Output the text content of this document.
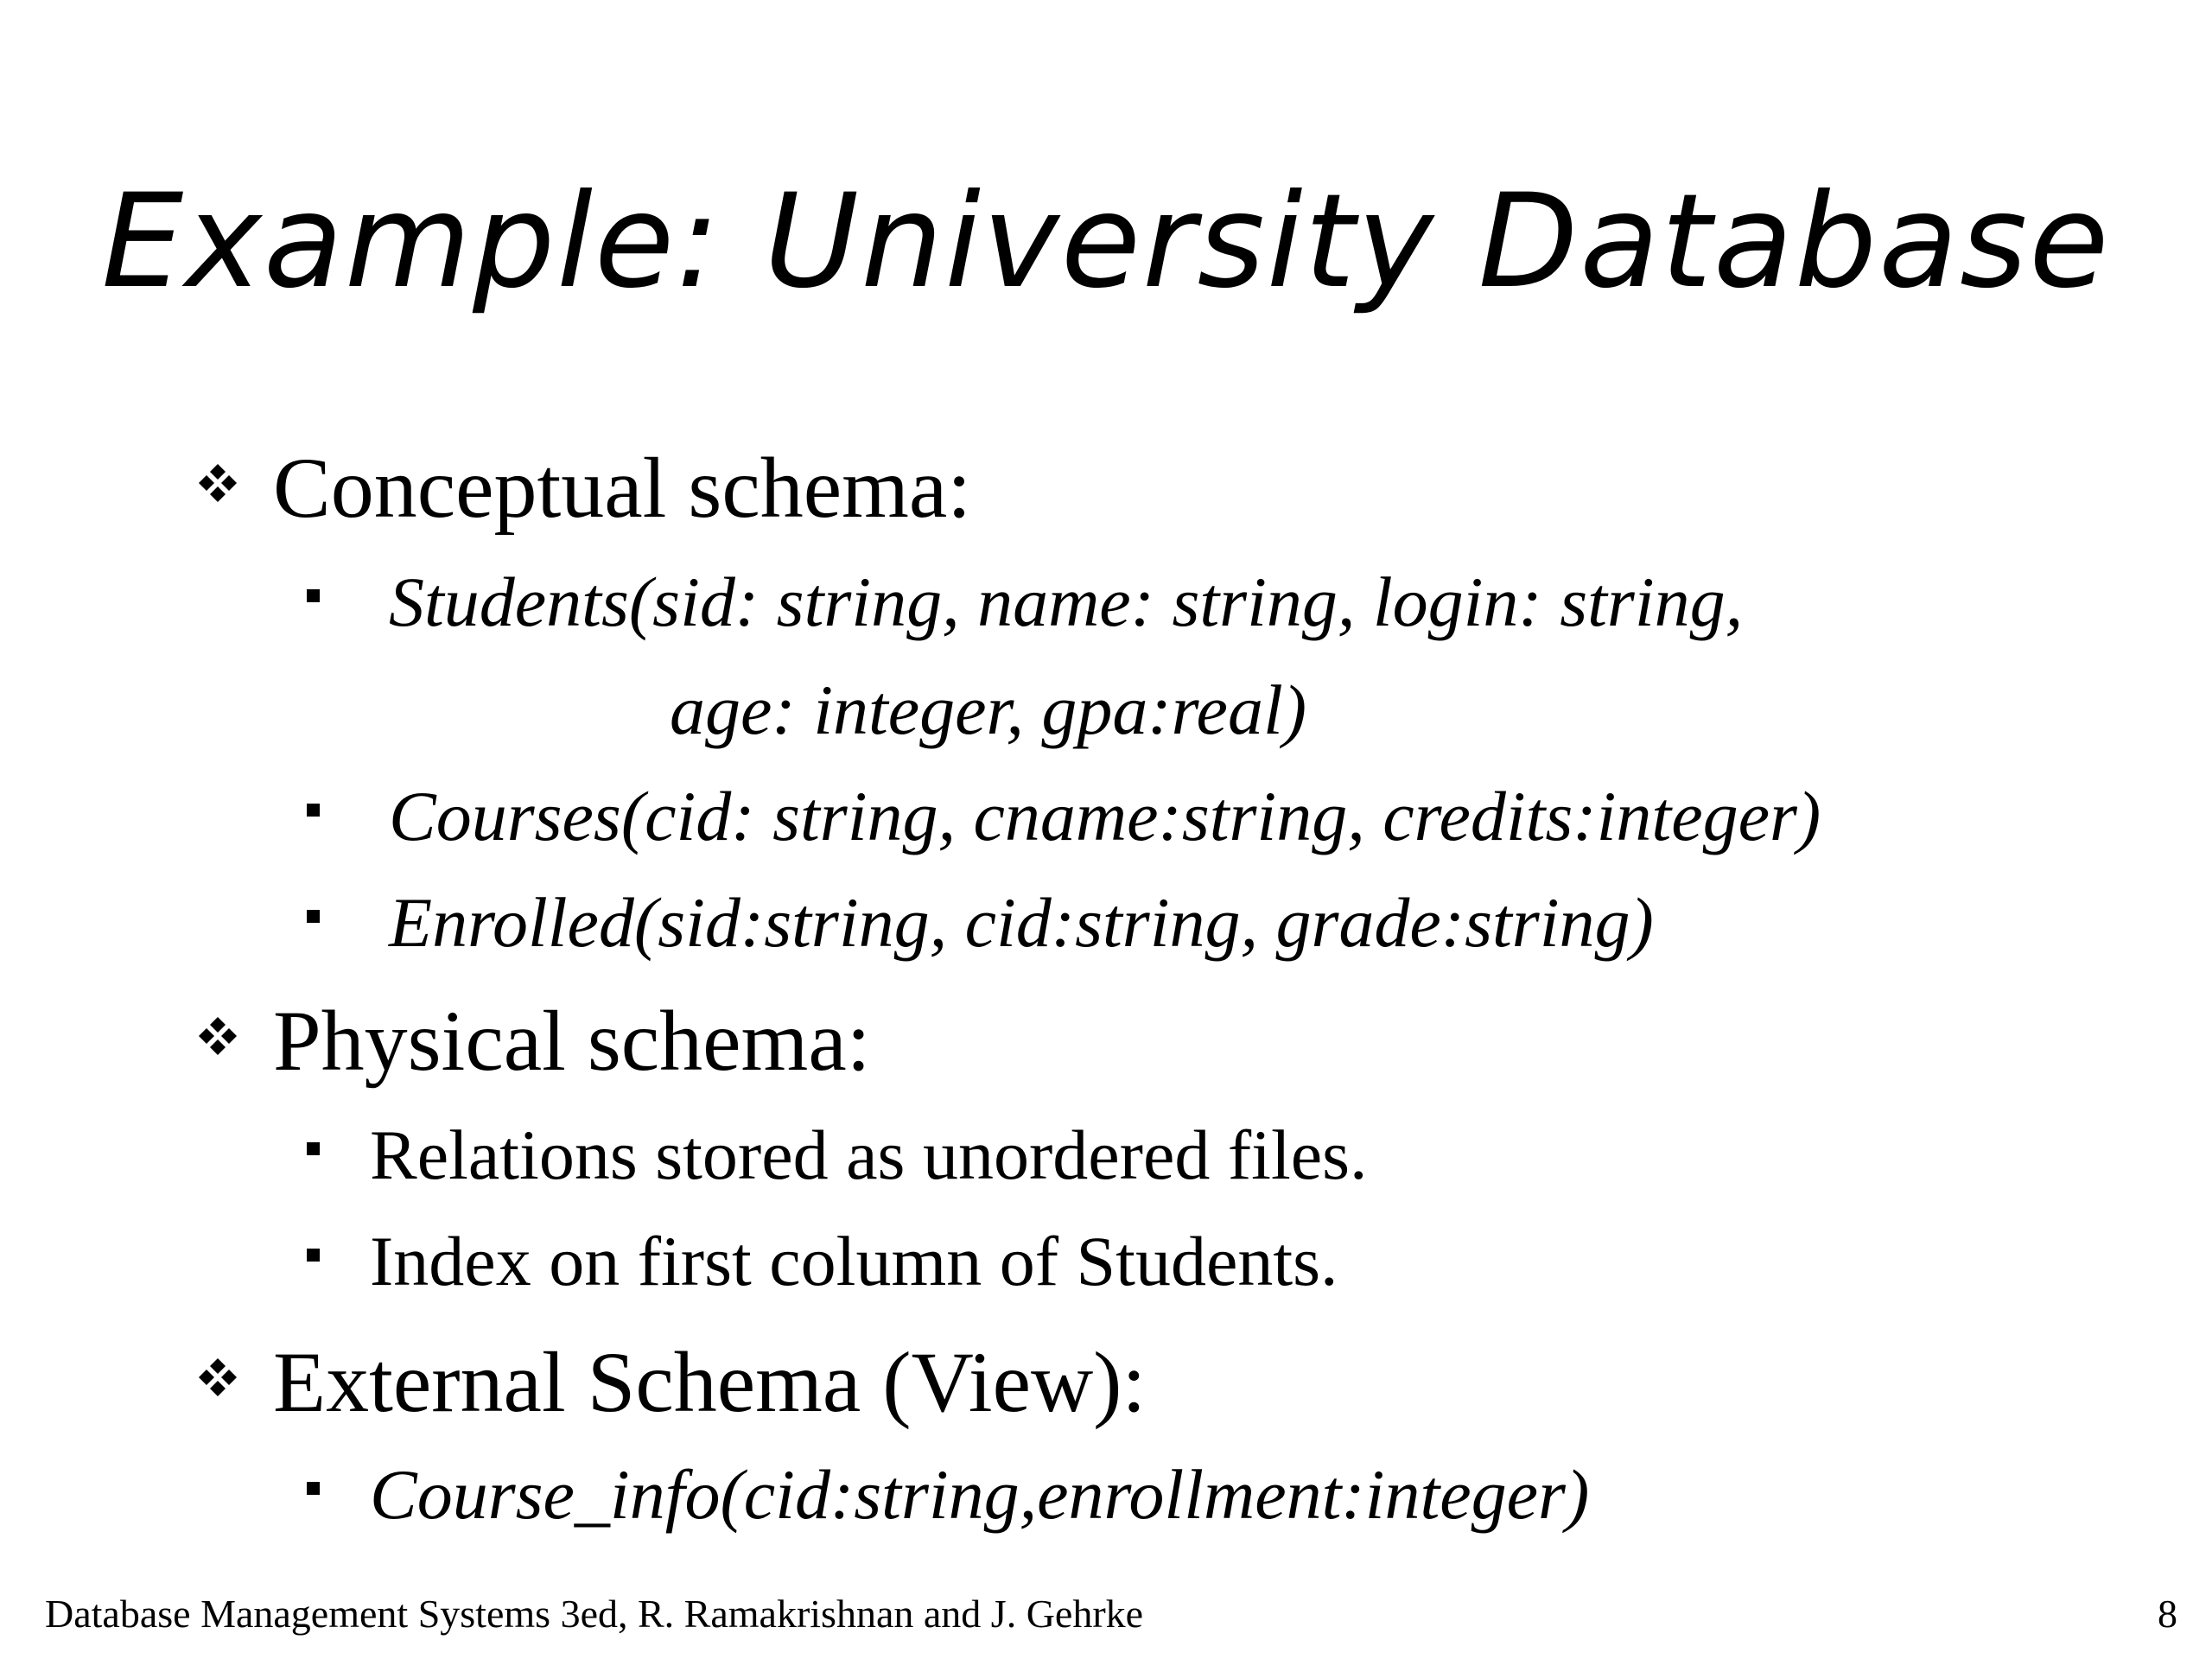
Example: University Database
Conceptual schema:
Students(sid: string, name: string, login: string,
age: integer, gpa:real)
Courses(cid: string, cname:string, credits:integer)
Enrolled(sid:string, cid:string, grade:string)
Physical schema:
Relations stored as unordered files.
Index on first column of Students.
External Schema (View):
Course_info(cid:string,enrollment:integer)
Database Management Systems 3ed, R. Ramakrishnan and J. Gehrke	8
